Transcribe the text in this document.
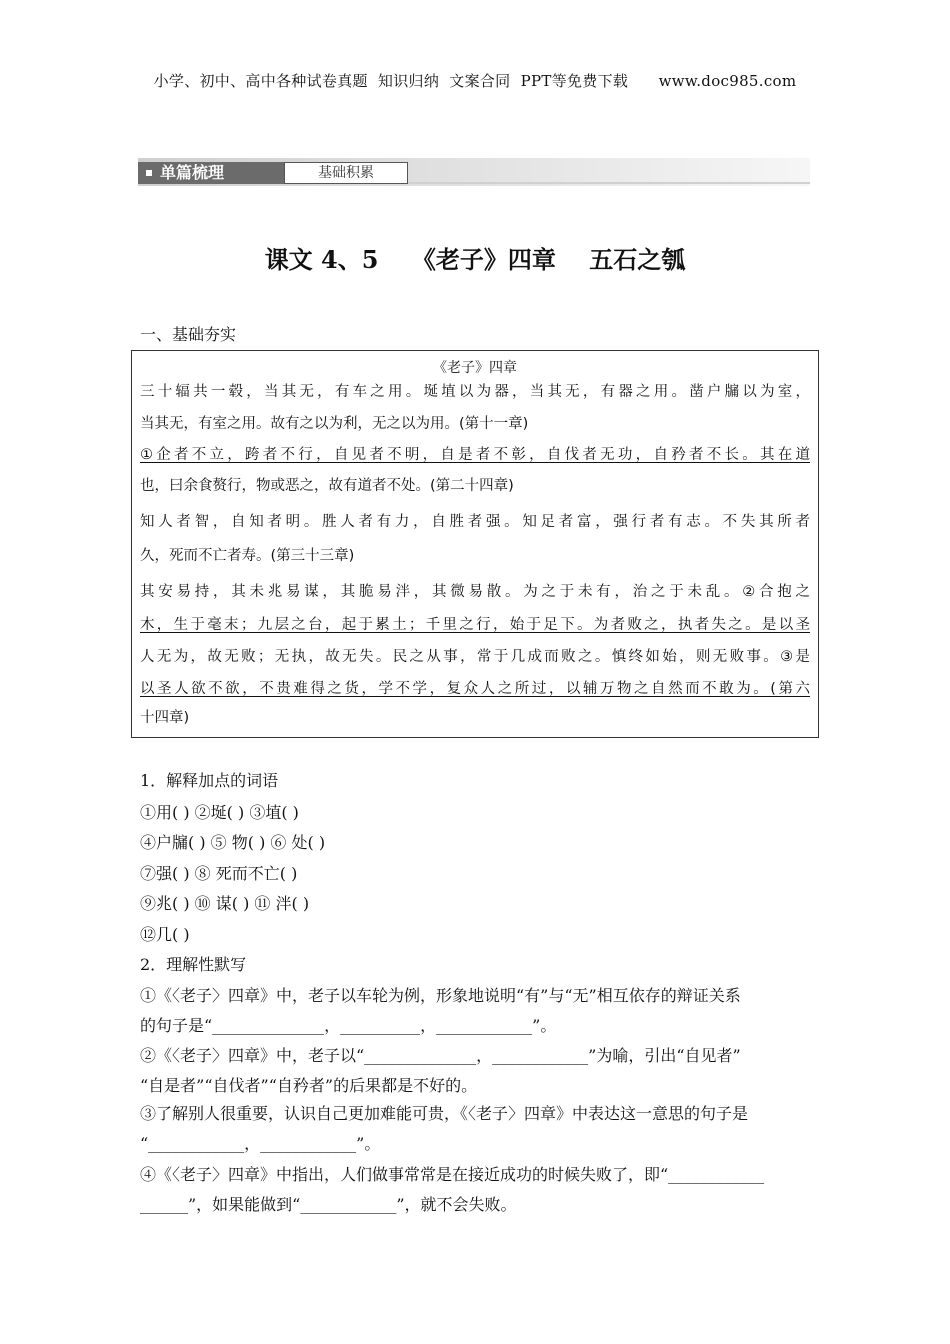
小学、初中、高中各种试卷真题  知识归纳  文案合同  PPT等免费下载      www.doc985.com
单篇梳理	基础积累
课文 4、5    《老子》四章    五石之瓠
一、基础夯实
《老子》四章
三十辐共一毂，当其无，有车之用。埏埴以为器，当其无，有器之用。凿户牖以为室，
当其无，有室之用。故有之以为利，无之以为用。(第十一章)
①企者不立，跨者不行，自见者不明，自是者不彰，自伐者无功，自矜者不长。其在道
也，曰余食赘行，物或恶之，故有道者不处。(第二十四章)
知人者智，自知者明。胜人者有力，自胜者强。知足者富，强行者有志。不失其所者
久，死而不亡者寿。(第三十三章)
其安易持，其未兆易谋，其脆易泮，其微易散。为之于未有，治之于未乱。②合抱之
木，生于毫末；九层之台，起于累土；千里之行，始于足下。为者败之，执者失之。是以圣
人无为，故无败；无执，故无失。民之从事，常于几成而败之。慎终如始，则无败事。③是
以圣人欲不欲，不贵难得之货，学不学，复众人之所过，以辅万物之自然而不敢为。(第六
十四章)
1．解释加点的词语
①用( ) ②埏( ) ③埴( )
④户牖( ) ⑤ 物( ) ⑥ 处( )
⑦强( ) ⑧ 死而不亡( )
⑨兆( ) ⑩ 谋( ) ⑪ 泮( )
⑫几( )
2．理解性默写
①《〈老子〉四章》中，老子以车轮为例，形象地说明“有”与“无”相互依存的辩证关系
的句子是“______________，__________，____________”。
②《〈老子〉四章》中，老子以“______________，____________”为喻，引出“自见者”
“自是者”“自伐者”“自矜者”的后果都是不好的。
③了解别人很重要，认识自己更加难能可贵，《〈老子〉四章》中表达这一意思的句子是
“____________，____________”。
④《〈老子〉四章》中指出，人们做事常常是在接近成功的时候失败了，即“____________
______”，如果能做到“____________”，就不会失败。
